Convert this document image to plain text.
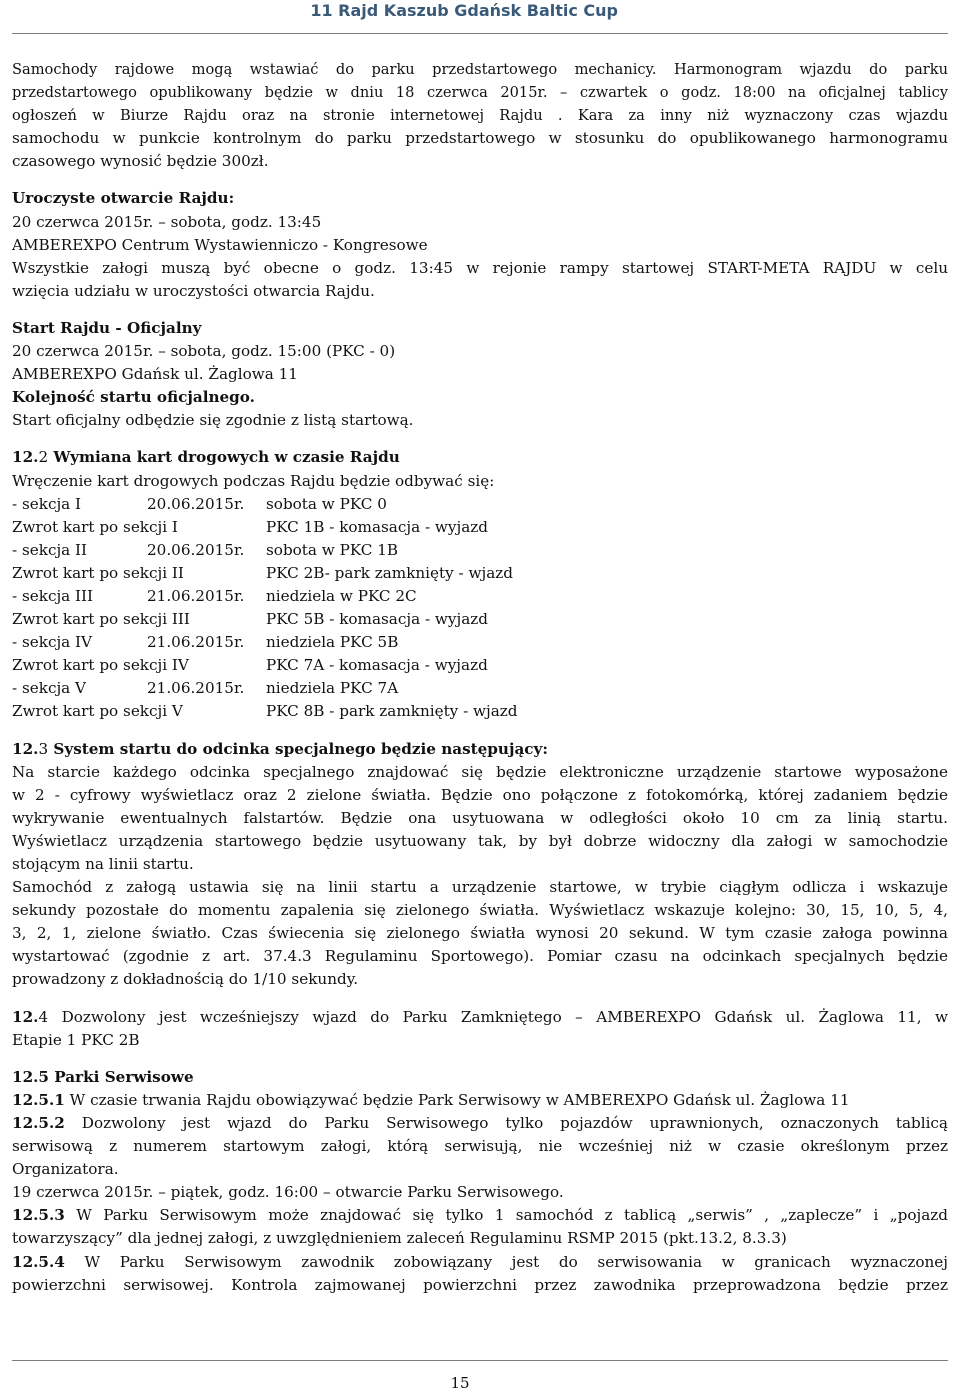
11 Rajd Kaszub Gdańsk Baltic Cup
Samochody rajdowe mogą wstawiać do parku przedstartowego mechanicy. Harmonogram wjazdu do parku
przedstartowego opublikowany będzie w dniu 18 czerwca 2015r. – czwartek o godz. 18:00 na oficjalnej tablicy
ogłoszeń w Biurze Rajdu oraz na stronie internetowej Rajdu . Kara za inny niż wyznaczony czas wjazdu
samochodu w punkcie kontrolnym do parku przedstartowego w stosunku do opublikowanego harmonogramu
czasowego wynosić będzie 300zł.
Uroczyste otwarcie Rajdu:
20 czerwca 2015r. – sobota, godz. 13:45
AMBEREXPO Centrum Wystawienniczo - Kongresowe
Wszystkie załogi muszą być obecne o godz. 13:45 w rejonie rampy startowej START-META RAJDU w celu
wzięcia udziału w uroczystości otwarcia Rajdu.
Start Rajdu - Oficjalny
20 czerwca 2015r. – sobota, godz. 15:00 (PKC - 0)
AMBEREXPO Gdańsk ul. Żaglowa 11
Kolejność startu oficjalnego.
Start oficjalny odbędzie się zgodnie z listą startową.
12.2 Wymiana kart drogowych w czasie Rajdu
Wręczenie kart drogowych podczas Rajdu będzie odbywać się:
- sekcja I	20.06.2015r.	sobota w PKC 0
Zwrot kart po sekcji I	PKC 1B - komasacja - wyjazd
- sekcja II	20.06.2015r.	sobota w PKC 1B
Zwrot kart po sekcji II	PKC 2B- park zamknięty - wjazd
- sekcja III	21.06.2015r.	niedziela w PKC 2C
Zwrot kart po sekcji III	PKC 5B - komasacja - wyjazd
- sekcja IV	21.06.2015r.	niedziela PKC 5B
Zwrot kart po sekcji IV	PKC 7A - komasacja - wyjazd
- sekcja V	21.06.2015r.	niedziela PKC 7A
Zwrot kart po sekcji V	PKC 8B - park zamknięty - wjazd
12.3 System startu do odcinka specjalnego będzie następujący:
Na starcie każdego odcinka specjalnego znajdować się będzie elektroniczne urządzenie startowe wyposażone
w 2 - cyfrowy wyświetlacz oraz 2 zielone światła. Będzie ono połączone z fotokomórką, której zadaniem będzie
wykrywanie ewentualnych falstartów. Będzie ona usytuowana w odległości około 10 cm za linią startu.
Wyświetlacz urządzenia startowego będzie usytuowany tak, by był dobrze widoczny dla załogi w samochodzie
stojącym na linii startu.
Samochód z załogą ustawia się na linii startu a urządzenie startowe, w trybie ciągłym odlicza i wskazuje
sekundy pozostałe do momentu zapalenia się zielonego światła. Wyświetlacz wskazuje kolejno: 30, 15, 10, 5, 4,
3, 2, 1, zielone światło. Czas świecenia się zielonego światła wynosi 20 sekund. W tym czasie załoga powinna
wystartować (zgodnie z art. 37.4.3 Regulaminu Sportowego). Pomiar czasu na odcinkach specjalnych będzie
prowadzony z dokładnością do 1/10 sekundy.
12.4 Dozwolony jest wcześniejszy wjazd do Parku Zamkniętego – AMBEREXPO Gdańsk ul. Żaglowa 11, w
Etapie 1 PKC 2B
12.5 Parki Serwisowe
12.5.1 W czasie trwania Rajdu obowiązywać będzie Park Serwisowy w AMBEREXPO Gdańsk ul. Żaglowa 11
12.5.2 Dozwolony jest wjazd do Parku Serwisowego tylko pojazdów uprawnionych, oznaczonych tablicą
serwisową z numerem startowym załogi, którą serwisują, nie wcześniej niż w czasie określonym przez
Organizatora.
19 czerwca 2015r. – piątek, godz. 16:00 – otwarcie Parku Serwisowego.
12.5.3 W Parku Serwisowym może znajdować się tylko 1 samochód z tablicą „serwis” , „zaplecze” i „pojazd
towarzyszący” dla jednej załogi, z uwzględnieniem zaleceń Regulaminu RSMP 2015 (pkt.13.2, 8.3.3)
12.5.4 W Parku Serwisowym zawodnik zobowiązany jest do serwisowania w granicach wyznaczonej
powierzchni serwisowej. Kontrola zajmowanej powierzchni przez zawodnika przeprowadzona będzie przez
15
